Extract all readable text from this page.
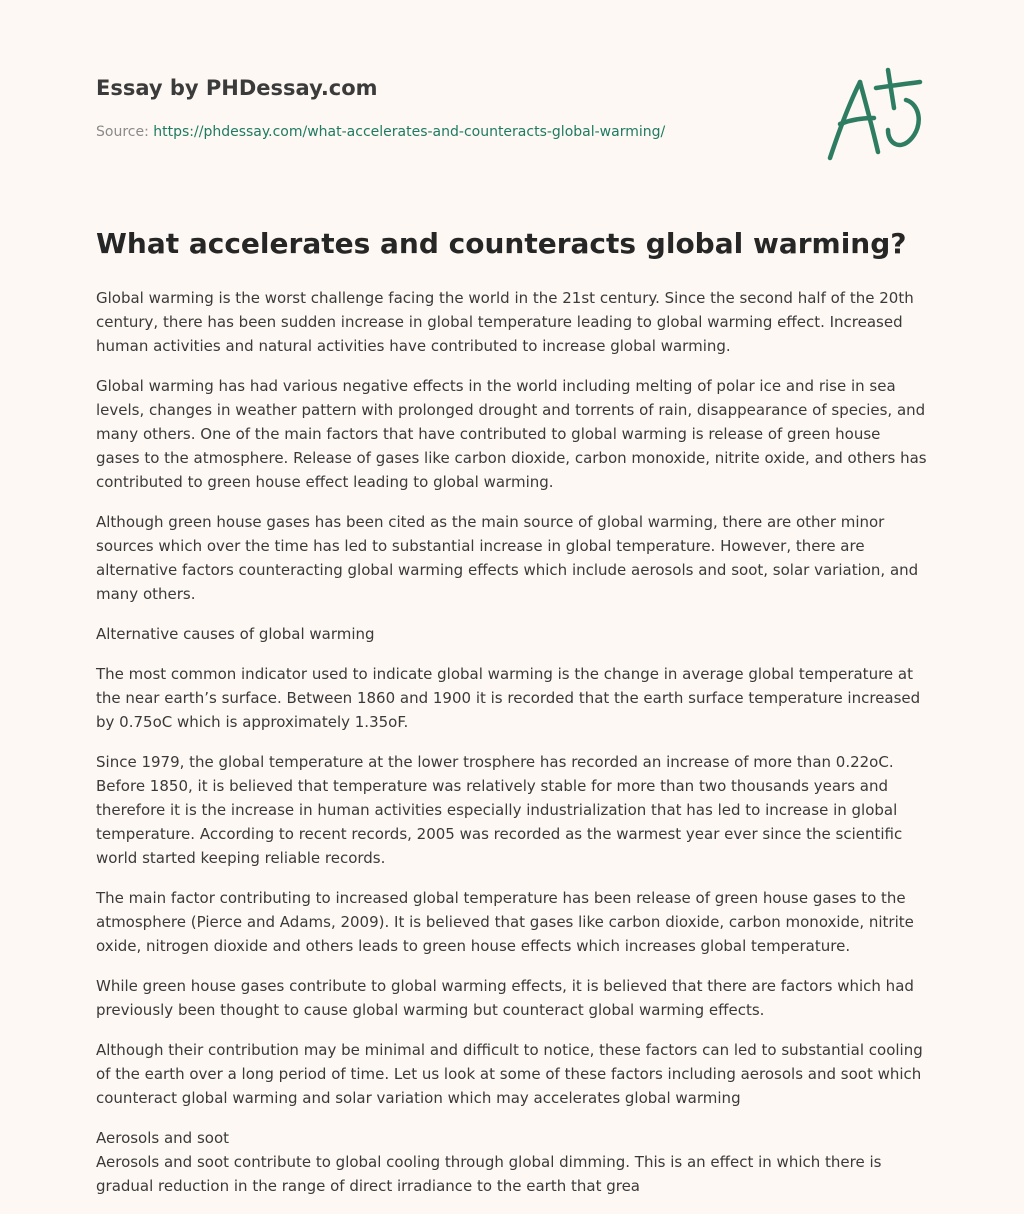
Essay by PHDessay.com
Source: https://phdessay.com/what-accelerates-and-counteracts-global-warming/
What accelerates and counteracts global warming?

Global warming is the worst challenge facing the world in the 21st century. Since the second half of the 20th century, there has been sudden increase in global temperature leading to global warming effect. Increased human activities and natural activities have contributed to increase global warming.

Global warming has had various negative effects in the world including melting of polar ice and rise in sea levels, changes in weather pattern with prolonged drought and torrents of rain, disappearance of species, and many others. One of the main factors that have contributed to global warming is release of green house gases to the atmosphere. Release of gases like carbon dioxide, carbon monoxide, nitrite oxide, and others has contributed to green house effect leading to global warming.

Although green house gases has been cited as the main source of global warming, there are other minor sources which over the time has led to substantial increase in global temperature. However, there are alternative factors counteracting global warming effects which include aerosols and soot, solar variation, and many others.

Alternative causes of global warming

The most common indicator used to indicate global warming is the change in average global temperature at the near earth’s surface. Between 1860 and 1900 it is recorded that the earth surface temperature increased by 0.75oC which is approximately 1.35oF.

Since 1979, the global temperature at the lower trosphere has recorded an increase of more than 0.22oC. Before 1850, it is believed that temperature was relatively stable for more than two thousands years and therefore it is the increase in human activities especially industrialization that has led to increase in global temperature. According to recent records, 2005 was recorded as the warmest year ever since the scientific world started keeping reliable records.

The main factor contributing to increased global temperature has been release of green house gases to the atmosphere (Pierce and Adams, 2009). It is believed that gases like carbon dioxide, carbon monoxide, nitrite oxide, nitrogen dioxide and others leads to green house effects which increases global temperature.

While green house gases contribute to global warming effects, it is believed that there are factors which had previously been thought to cause global warming but counteract global warming effects.

Although their contribution may be minimal and difficult to notice, these factors can led to substantial cooling of the earth over a long period of time. Let us look at some of these factors including aerosols and soot which counteract global warming and solar variation which may accelerates global warming

Aerosols and soot

Aerosols and soot contribute to global cooling through global dimming. This is an effect in which there is gradual reduction in the range of direct irradiance to the earth that grea
